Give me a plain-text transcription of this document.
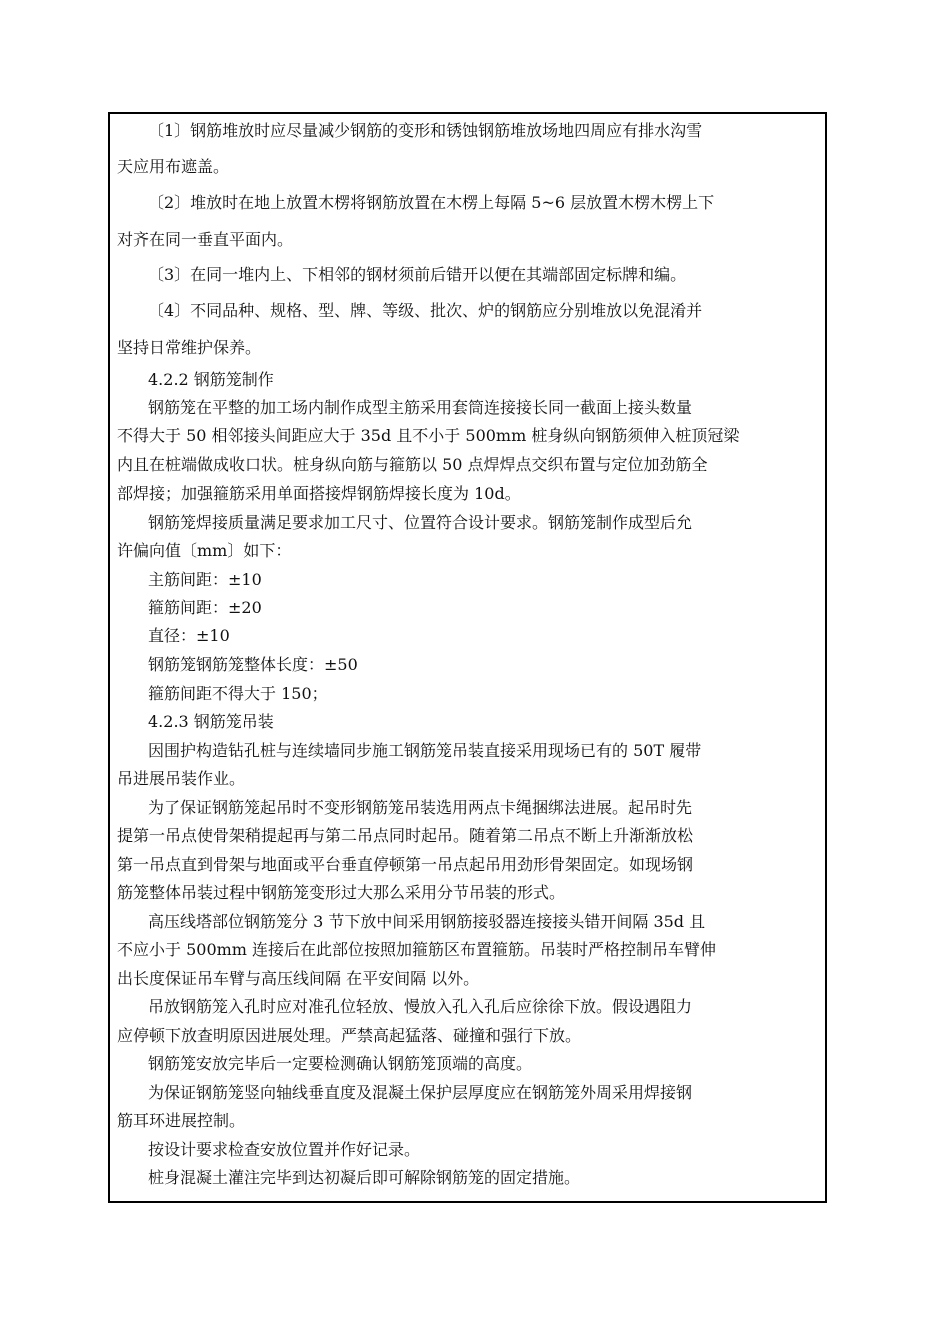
〔1〕钢筋堆放时应尽量减少钢筋的变形和锈蚀钢筋堆放场地四周应有排水沟雪
天应用布遮盖。
〔2〕堆放时在地上放置木楞将钢筋放置在木楞上每隔 5~6 层放置木楞木楞上下
对齐在同一垂直平面内。
〔3〕在同一堆内上、下相邻的钢材须前后错开以便在其端部固定标牌和编。
〔4〕不同品种、规格、型、牌、等级、批次、炉的钢筋应分别堆放以免混淆并
坚持日常维护保养。
4.2.2 钢筋笼制作
钢筋笼在平整的加工场内制作成型主筋采用套筒连接接长同一截面上接头数量
不得大于 50 相邻接头间距应大于 35d 且不小于 500mm 桩身纵向钢筋须伸入桩顶冠梁
内且在桩端做成收口状。桩身纵向筋与箍筋以 50 点焊焊点交织布置与定位加劲筋全
部焊接；加强箍筋采用单面搭接焊钢筋焊接长度为 10d。
钢筋笼焊接质量满足要求加工尺寸、位置符合设计要求。钢筋笼制作成型后允
许偏向值〔mm〕如下：
主筋间距：±10
箍筋间距：±20
直径：±10
钢筋笼钢筋笼整体长度：±50
箍筋间距不得大于 150；
4.2.3 钢筋笼吊装
因围护构造钻孔桩与连续墙同步施工钢筋笼吊装直接采用现场已有的 50T 履带
吊进展吊装作业。
为了保证钢筋笼起吊时不变形钢筋笼吊装选用两点卡绳捆绑法进展。起吊时先
提第一吊点使骨架稍提起再与第二吊点同时起吊。随着第二吊点不断上升渐渐放松
第一吊点直到骨架与地面或平台垂直停顿第一吊点起吊用劲形骨架固定。如现场钢
筋笼整体吊装过程中钢筋笼变形过大那么采用分节吊装的形式。
高压线塔部位钢筋笼分 3 节下放中间采用钢筋接驳器连接接头错开间隔 35d 且
不应小于 500mm 连接后在此部位按照加箍筋区布置箍筋。吊装时严格控制吊车臂伸
出长度保证吊车臂与高压线间隔 在平安间隔 以外。
吊放钢筋笼入孔时应对准孔位轻放、慢放入孔入孔后应徐徐下放。假设遇阻力
应停顿下放查明原因进展处理。严禁高起猛落、碰撞和强行下放。
钢筋笼安放完毕后一定要检测确认钢筋笼顶端的高度。
为保证钢筋笼竖向轴线垂直度及混凝土保护层厚度应在钢筋笼外周采用焊接钢
筋耳环进展控制。
按设计要求检查安放位置并作好记录。
桩身混凝土灌注完毕到达初凝后即可解除钢筋笼的固定措施。
